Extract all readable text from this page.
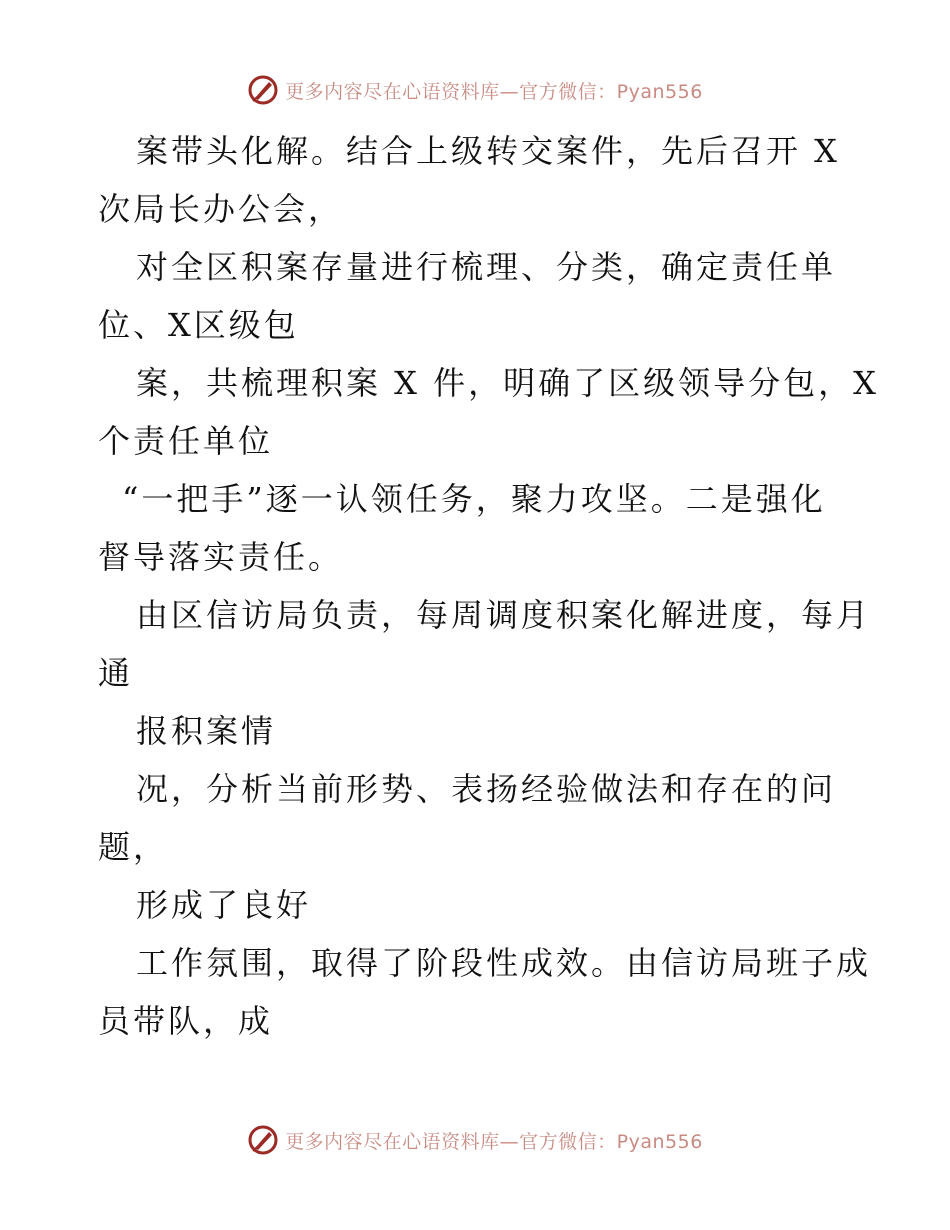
更多内容尽在心语资料库—官方微信：Pyan556
案带头化解。结合上级转交案件，先后召开 X
次局长办公会，
对全区积案存量进行梳理、分类，确定责任单
位、X区级包
案，共梳理积案 X 件，明确了区级领导分包，X
个责任单位
“一把手”逐一认领任务，聚力攻坚。二是强化
督导落实责任。
由区信访局负责，每周调度积案化解进度，每月
通
报积案情
况，分析当前形势、表扬经验做法和存在的问
题，
形成了良好
工作氛围，取得了阶段性成效。由信访局班子成
员带队，成
更多内容尽在心语资料库—官方微信：Pyan556
